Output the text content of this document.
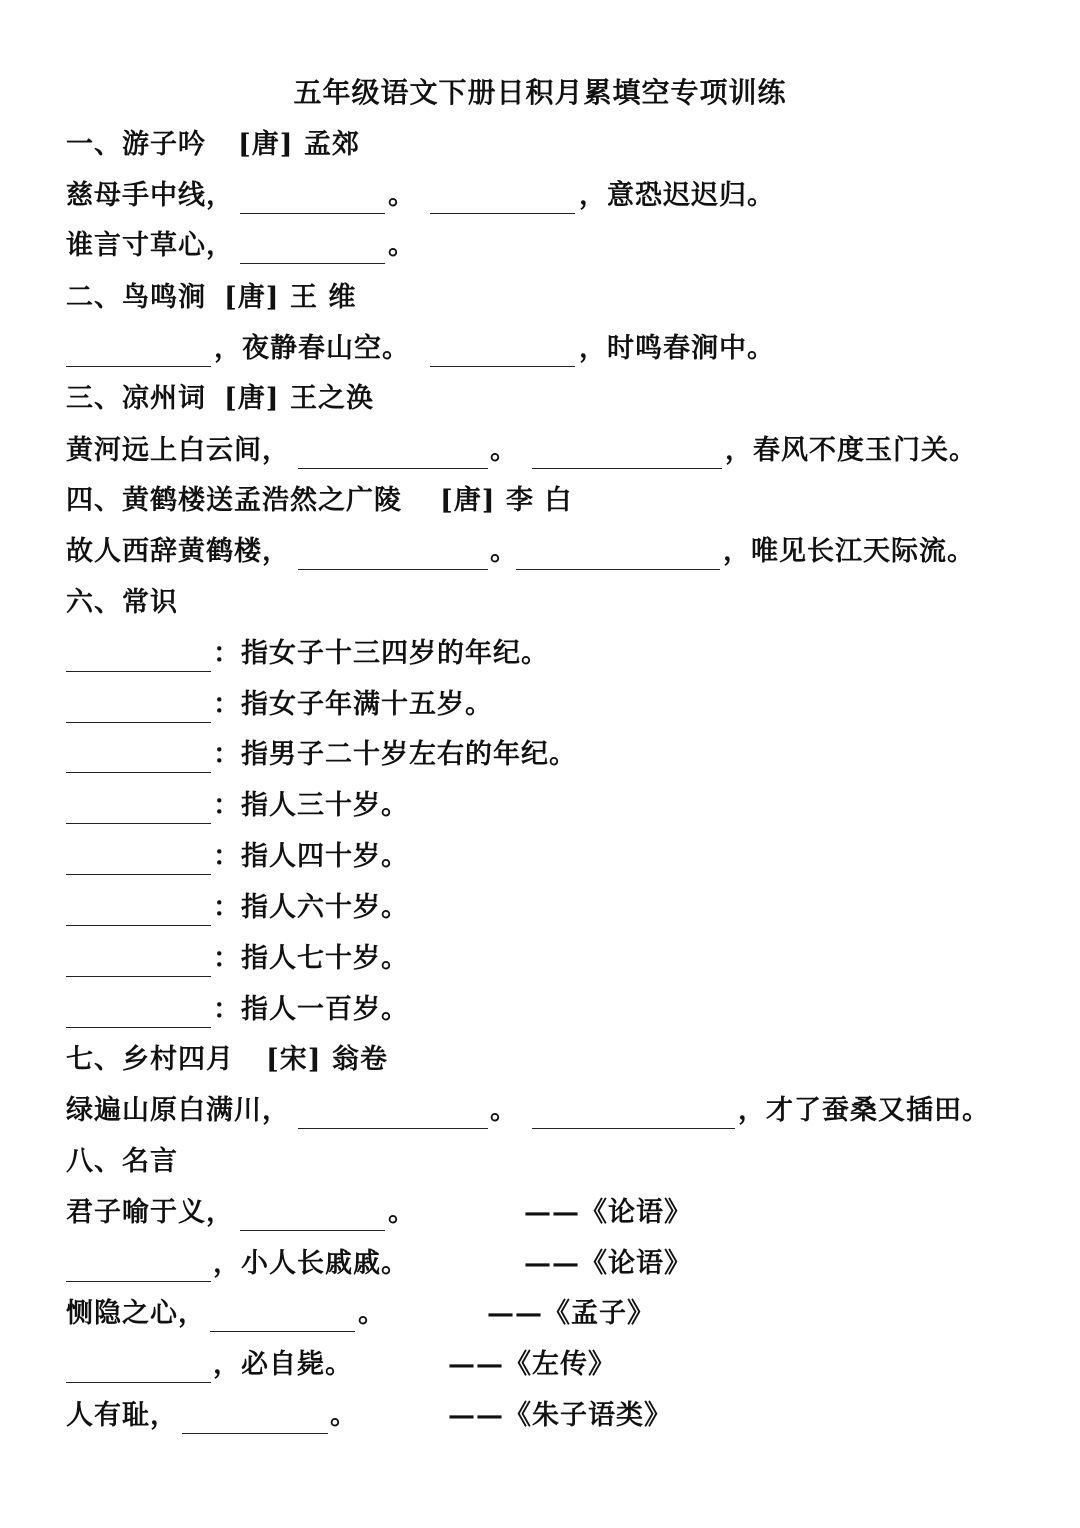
五年级语文下册日积月累填空专项训练
一、游子吟 [唐] 孟郊
慈母手中线，	。	，意恐迟迟归。
谁言寸草心，	。
二、鸟鸣涧 [唐] 王 维
，夜静春山空。	，时鸣春涧中。
三、凉州词 [唐] 王之涣
黄河远上白云间，	。	，春风不度玉门关。
四、黄鹤楼送孟浩然之广陵 [唐] 李 白
故人西辞黄鹤楼，	。	，唯见长江天际流。
六、常识
：指女子十三四岁的年纪。
：指女子年满十五岁。
：指男子二十岁左右的年纪。
：指人三十岁。
：指人四十岁。
：指人六十岁。
：指人七十岁。
：指人一百岁。
七、乡村四月 [宋] 翁卷
绿遍山原白满川，	。	，才了蚕桑又插田。
八、名言
君子喻于义，	。	——《论语》
，小人长戚戚。	——《论语》
恻隐之心，	。	——《孟子》
，必自毙。	——《左传》
人有耻，	。	——《朱子语类》
